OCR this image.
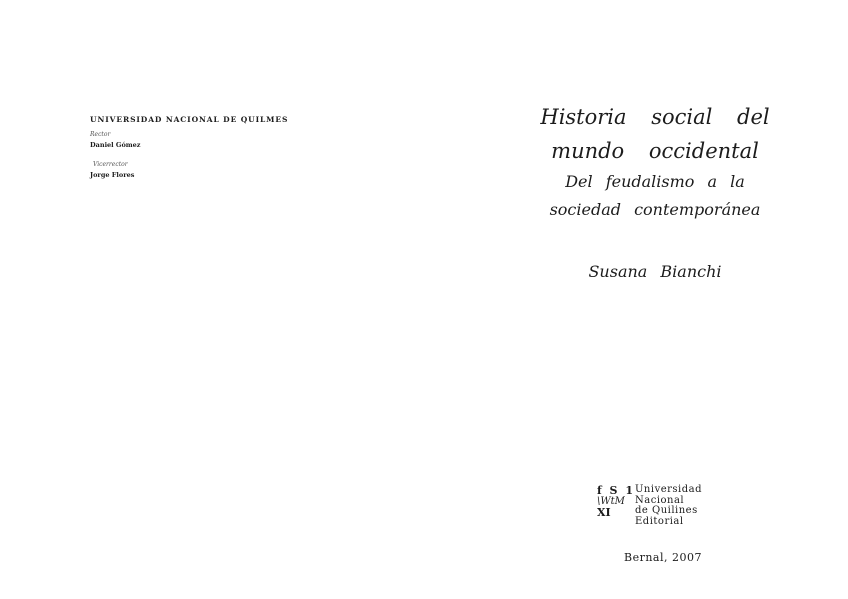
UNIVERSIDAD NACIONAL DE QUILMES
Rector
Daniel Gómez
Vicerrector
Jorge Flores
Historia social del
mundo occidental
Del feudalismo a la
sociedad contemporánea
Susana Bianchi
f S 1
\WtM
XI
Universidad
Nacional
de Quilines
Editorial
Bernal, 2007
